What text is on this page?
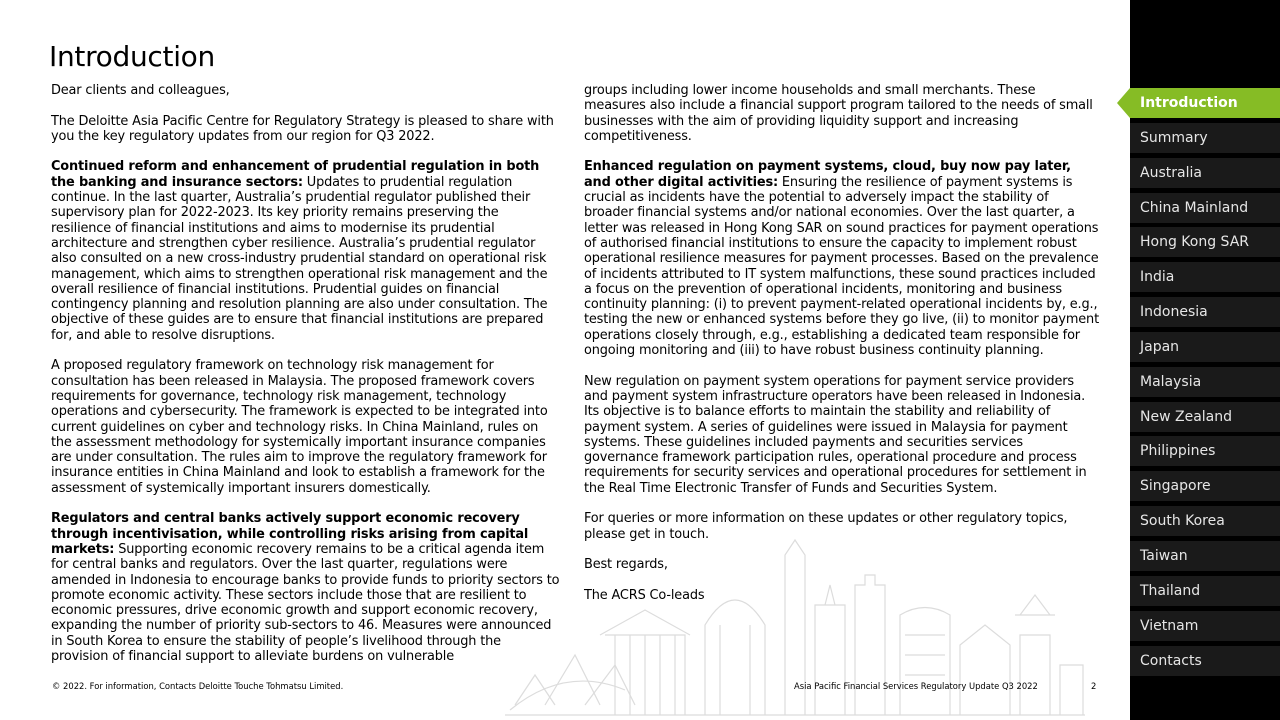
Introduction

Dear clients and colleagues,

The Deloitte Asia Pacific Centre for Regulatory Strategy is pleased to share with you the key regulatory updates from our region for Q3 2022.

Continued reform and enhancement of prudential regulation in both the banking and insurance sectors: Updates to prudential regulation continue. In the last quarter, Australia’s prudential regulator published their supervisory plan for 2022-2023. Its key priority remains preserving the resilience of financial institutions and aims to modernise its prudential architecture and strengthen cyber resilience. Australia’s prudential regulator also consulted on a new cross-industry prudential standard on operational risk management, which aims to strengthen operational risk management and the overall resilience of financial institutions. Prudential guides on financial contingency planning and resolution planning are also under consultation. The objective of these guides are to ensure that financial institutions are prepared for, and able to resolve disruptions.

A proposed regulatory framework on technology risk management for consultation has been released in Malaysia. The proposed framework covers requirements for governance, technology risk management, technology operations and cybersecurity. The framework is expected to be integrated into current guidelines on cyber and technology risks. In China Mainland, rules on the assessment methodology for systemically important insurance companies are under consultation. The rules aim to improve the regulatory framework for insurance entities in China Mainland and look to establish a framework for the assessment of systemically important insurers domestically.

Regulators and central banks actively support economic recovery through incentivisation, while controlling risks arising from capital markets: Supporting economic recovery remains to be a critical agenda item for central banks and regulators. Over the last quarter, regulations were amended in Indonesia to encourage banks to provide funds to priority sectors to promote economic activity. These sectors include those that are resilient to economic pressures, drive economic growth and support economic recovery, expanding the number of priority sub-sectors to 46. Measures were announced in South Korea to ensure the stability of people’s livelihood through the provision of financial support to alleviate burdens on vulnerable

groups including lower income households and small merchants. These measures also include a financial support program tailored to the needs of small businesses with the aim of providing liquidity support and increasing competitiveness.

Enhanced regulation on payment systems, cloud, buy now pay later, and other digital activities: Ensuring the resilience of payment systems is crucial as incidents have the potential to adversely impact the stability of broader financial systems and/or national economies. Over the last quarter, a letter was released in Hong Kong SAR on sound practices for payment operations of authorised financial institutions to ensure the capacity to implement robust operational resilience measures for payment processes. Based on the prevalence of incidents attributed to IT system malfunctions, these sound practices included a focus on the prevention of operational incidents, monitoring and business continuity planning: (i) to prevent payment-related operational incidents by, e.g., testing the new or enhanced systems before they go live, (ii) to monitor payment operations closely through, e.g., establishing a dedicated team responsible for ongoing monitoring and (iii) to have robust business continuity planning.

New regulation on payment system operations for payment service providers and payment system infrastructure operators have been released in Indonesia. Its objective is to balance efforts to maintain the stability and reliability of payment system. A series of guidelines were issued in Malaysia for payment systems. These guidelines included payments and securities services governance framework participation rules, operational procedure and process requirements for security services and operational procedures for settlement in the Real Time Electronic Transfer of Funds and Securities System.

For queries or more information on these updates or other regulatory topics, please get in touch.

Best regards,

The ACRS Co-leads

© 2022. For information, Contacts Deloitte Touche Tohmatsu Limited.	Asia Pacific Financial Services Regulatory Update Q3 2022	2
Introduction
Summary
Australia
China Mainland
Hong Kong SAR
India
Indonesia
Japan
Malaysia
New Zealand
Philippines
Singapore
South Korea
Taiwan
Thailand
Vietnam
Contacts
